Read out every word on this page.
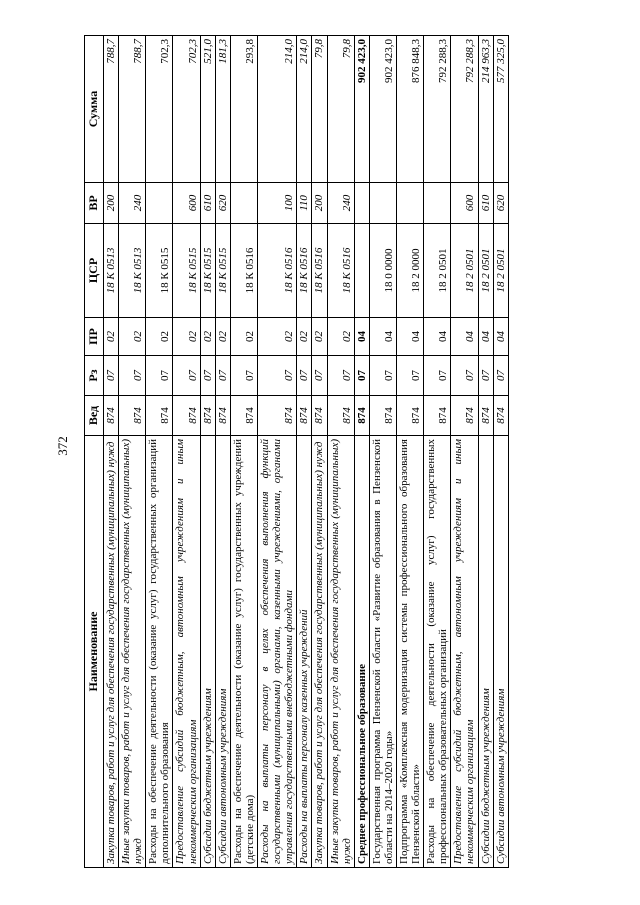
372
Наименование	Вед	Рз	ПР	ЦСР	ВР	Сумма
Закупка товаров, работ и услуг для обеспечения государственных (муниципальных) нужд	874	07	02	18 К 0513	200	788,7
Иные закупки товаров, работ и услуг для обеспечения государственных (муниципальных) нужд	874	07	02	18 К 0513	240	788,7
Расходы на обеспечение деятельности (оказание услуг) государственных организаций дополнительного образования	874	07	02	18 К 0515		702,3
Предоставление субсидий бюджетным, автономным учреждениям и иным некоммерческим организациям	874	07	02	18 К 0515	600	702,3
Субсидии бюджетным учреждениям	874	07	02	18 К 0515	610	521,0
Субсидии автономным учреждениям	874	07	02	18 К 0515	620	181,3
Расходы на обеспечение деятельности (оказание услуг) государственных учреждений (детские дома)	874	07	02	18 К 0516		293,8
Расходы на выплаты персоналу в целях обеспечения выполнения функций государственными (муниципальными) органами, казенными учреждениями, органами управления государственными внебюджетными фондами	874	07	02	18 К 0516	100	214,0
Расходы на выплаты персоналу казенных учреждений	874	07	02	18 К 0516	110	214,0
Закупка товаров, работ и услуг для обеспечения государственных (муниципальных) нужд	874	07	02	18 К 0516	200	79,8
Иные закупки товаров, работ и услуг для обеспечения государственных (муниципальных) нужд	874	07	02	18 К 0516	240	79,8
Среднее профессиональное образование	874	07	04			902 423,0
Государственная программа Пензенской области «Развитие образования в Пензенской области на 2014–2020 годы»	874	07	04	18 0 0000		902 423,0
Подпрограмма «Комплексная модернизация системы профессионального образования Пензенской области»	874	07	04	18 2 0000		876 848,3
Расходы на обеспечение деятельности (оказание услуг) государственных профессиональных образовательных организаций	874	07	04	18 2 0501		792 288,3
Предоставление субсидий бюджетным, автономным учреждениям и иным некоммерческим организациям	874	07	04	18 2 0501	600	792 288,3
Субсидии бюджетным учреждениям	874	07	04	18 2 0501	610	214 963,3
Субсидии автономным учреждениям	874	07	04	18 2 0501	620	577 325,0
